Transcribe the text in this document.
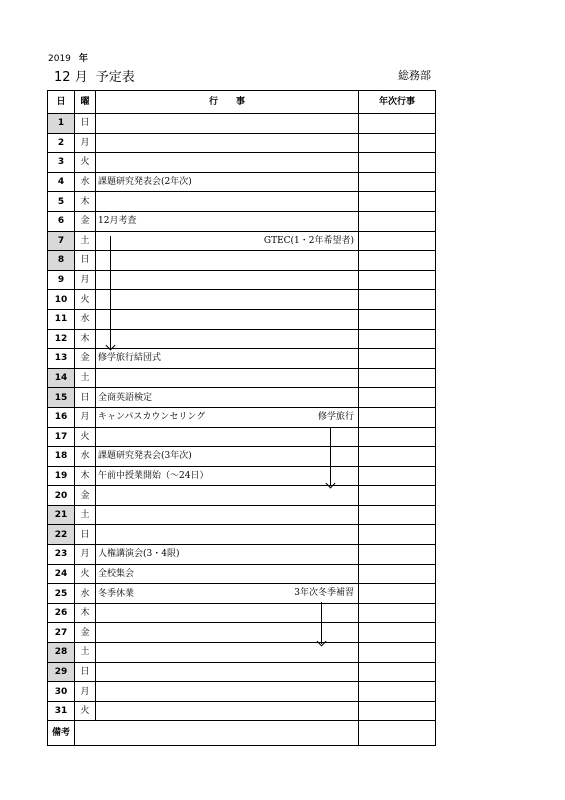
2019 年
12 月 予定表	総務部
日	曜	行　　事	年次行事
1	日	

2	月	

3	火	

4	水	課題研究発表会(2年次)

5	木	

6	金	12月考査

7	土	GTEC(1・2年希望者)	

8	日	

9	月	

10	火	

11	水	

12	木	

13	金	修学旅行結団式

14	土	

15	日	全商英語検定

16	月	キャンパスカウンセリング 修学旅行	

17	火	

18	水	課題研究発表会(3年次)

19	木	午前中授業開始（～24日）

20	金	

21	土	

22	日	

23	月	人権講演会(3・4限)

24	火	全校集会

25	水	冬季休業 3年次冬季補習	

26	木	

27	金	

28	土	

29	日	

30	月	

31	火	

備考			
